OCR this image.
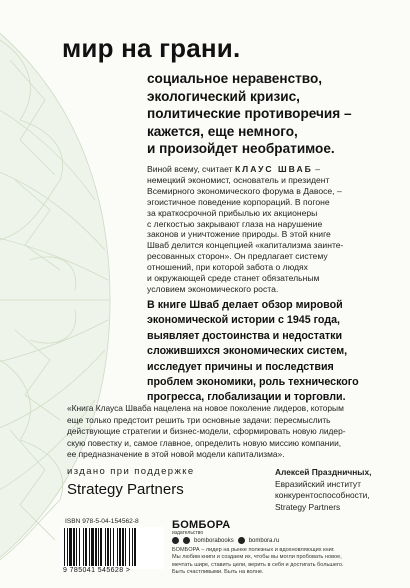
мир на грани.
социальное неравенство,
экологический кризис,
политические противоречия –
кажется, еще немного,
и произойдет необратимое.
Виной всему, считает КЛАУС ШВАБ –
немецкий экономист, основатель и президент
Всемирного экономического форума в Давосе, –
эгоистичное поведение корпораций. В погоне
за краткосрочной прибылью их акционеры
с легкостью закрывают глаза на нарушение
законов и уничтожение природы. В этой книге
Шваб делится концепцией «капитализма заинте-
ресованных сторон». Он предлагает систему
отношений, при которой забота о людях
и окружающей среде станет обязательным
условием экономического роста.
В книге Шваб делает обзор мировой
экономической истории с 1945 года,
выявляет достоинства и недостатки
сложившихся экономических систем,
исследует причины и последствия
проблем экономики, роль технического
прогресса, глобализации и торговли.
«Книга Клауса Шваба нацелена на новое поколение лидеров, которым
еще только предстоит решить три основные задачи: пересмыслить
действующие стратегии и бизнес-модели, сформировать новую лидер-
скую повестку и, самое главное, определить новую миссию компании,
ее предназначение в этой новой модели капитализма».
издано при поддержке
Strategy Partners
Алексей Праздничных,
Евразийский институт
конкурентоспособности,
Strategy Partners
ISBN 978-5-04-154562-8
9 785041 545628 >
БОМБОРА
издательство
bomborabooks	bombora.ru
БОМБОРА – лидер на рынке полезных и вдохновляющих книг.
Мы любим книги и создаем их, чтобы вы могли пробовать новое,
мечтать шире, ставить цели, верить в себя и достигать большего.
Быть счастливыми. Быть на волне.
